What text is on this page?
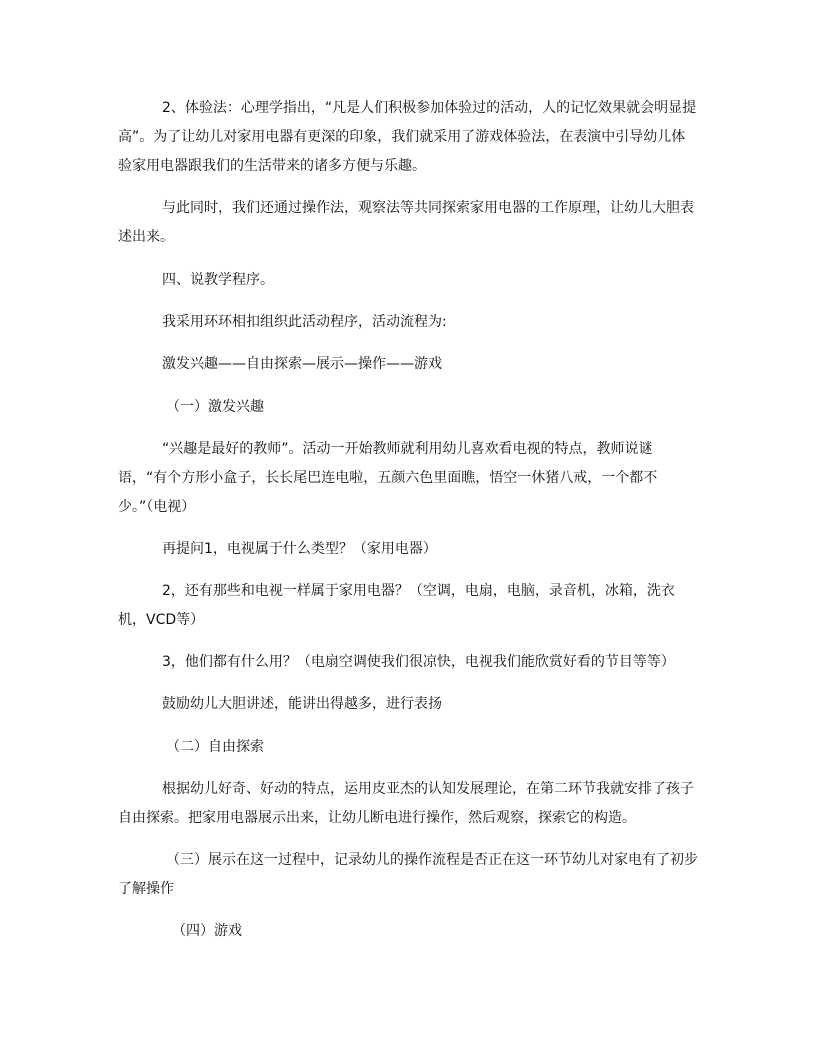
2、体验法：心理学指出，“凡是人们积极参加体验过的活动，人的记忆效果就会明显提高”。为了让幼儿对家用电器有更深的印象，我们就采用了游戏体验法，在表演中引导幼儿体验家用电器跟我们的生活带来的诸多方便与乐趣。

与此同时，我们还通过操作法，观察法等共同探索家用电器的工作原理，让幼儿大胆表述出来。

四、说教学程序。

我采用环环相扣组织此活动程序，活动流程为:

激发兴趣——自由探索—展示—操作——游戏

（一）激发兴趣

“兴趣是最好的教师”。活动一开始教师就利用幼儿喜欢看电视的特点，教师说谜语，“有个方形小盒子，长长尾巴连电啦，五颜六色里面瞧，悟空一休猪八戒，一个都不少。”（电视）

再提问1，电视属于什么类型？（家用电器）

2，还有那些和电视一样属于家用电器？（空调，电扇，电脑，录音机，冰箱，洗衣机，VCD等）

3，他们都有什么用？（电扇空调使我们很凉快，电视我们能欣赏好看的节目等等）

鼓励幼儿大胆讲述，能讲出得越多，进行表扬

（二）自由探索

根据幼儿好奇、好动的特点，运用皮亚杰的认知发展理论，在第二环节我就安排了孩子自由探索。把家用电器展示出来，让幼儿断电进行操作，然后观察，探索它的构造。

（三）展示在这一过程中，记录幼儿的操作流程是否正在这一环节幼儿对家电有了初步了解操作

（四）游戏
